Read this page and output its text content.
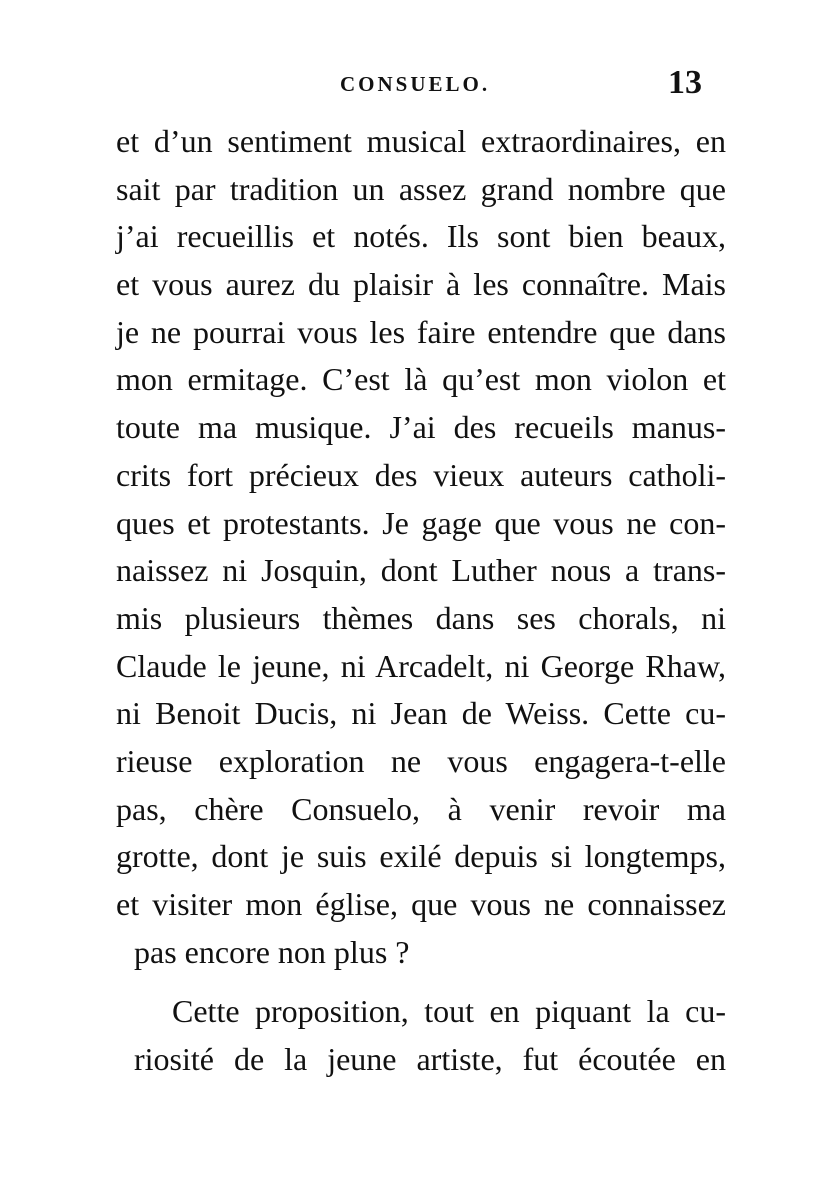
CONSUELO.	13
et d’un sentiment musical extraordinaires, en
sait par tradition un assez grand nombre que
j’ai recueillis et notés. Ils sont bien beaux,
et vous aurez du plaisir à les connaître. Mais
je ne pourrai vous les faire entendre que dans
mon ermitage. C’est là qu’est mon violon et
toute ma musique. J’ai des recueils manus-
crits fort précieux des vieux auteurs catholi-
ques et protestants. Je gage que vous ne con-
naissez ni Josquin, dont Luther nous a trans-
mis plusieurs thèmes dans ses chorals, ni
Claude le jeune, ni Arcadelt, ni George Rhaw,
ni Benoit Ducis, ni Jean de Weiss. Cette cu-
rieuse exploration ne vous engagera-t-elle
pas, chère Consuelo, à venir revoir ma
grotte, dont je suis exilé depuis si longtemps,
et visiter mon église, que vous ne connaissez
pas encore non plus ?
Cette proposition, tout en piquant la cu-
riosité de la jeune artiste, fut écoutée en
